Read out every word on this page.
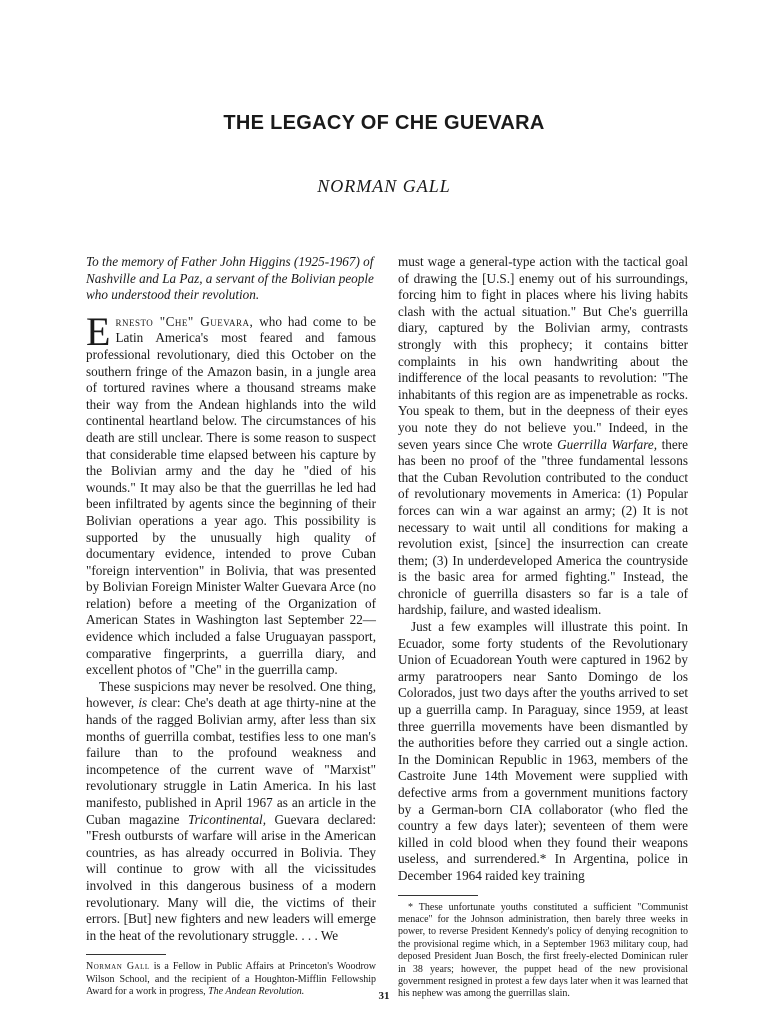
THE LEGACY OF CHE GUEVARA
NORMAN GALL

To the memory of Father John Higgins (1925-1967) of Nashville and La Paz, a servant of the Bolivian people who understood their revolution.

Ernesto "Che" Guevara, who had come to be Latin America's most feared and famous professional revolutionary, died this October on the southern fringe of the Amazon basin, in a jungle area of tortured ravines where a thousand streams make their way from the Andean highlands into the wild continental heartland below. The circumstances of his death are still unclear. There is some reason to suspect that considerable time elapsed between his capture by the Bolivian army and the day he "died of his wounds." It may also be that the guerrillas he led had been infiltrated by agents since the beginning of their Bolivian operations a year ago. This possibility is supported by the unusually high quality of documentary evidence, intended to prove Cuban "foreign intervention" in Bolivia, that was presented by Bolivian Foreign Minister Walter Guevara Arce (no relation) before a meeting of the Organization of American States in Washington last September 22—evidence which included a false Uruguayan passport, comparative fingerprints, a guerrilla diary, and excellent photos of "Che" in the guerrilla camp.

These suspicions may never be resolved. One thing, however, is clear: Che's death at age thirty-nine at the hands of the ragged Bolivian army, after less than six months of guerrilla combat, testifies less to one man's failure than to the profound weakness and incompetence of the current wave of "Marxist" revolutionary struggle in Latin America. In his last manifesto, published in April 1967 as an article in the Cuban magazine Tricontinental, Guevara declared: "Fresh outbursts of warfare will arise in the American countries, as has already occurred in Bolivia. They will continue to grow with all the vicissitudes involved in this dangerous business of a modern revolutionary. Many will die, the victims of their errors. [But] new fighters and new leaders will emerge in the heat of the revolutionary struggle. . . . We

Norman Gall is a Fellow in Public Affairs at Princeton's Woodrow Wilson School, and the recipient of a Houghton-Mifflin Fellowship Award for a work in progress, The Andean Revolution.

must wage a general-type action with the tactical goal of drawing the [U.S.] enemy out of his surroundings, forcing him to fight in places where his living habits clash with the actual situation." But Che's guerrilla diary, captured by the Bolivian army, contrasts strongly with this prophecy; it contains bitter complaints in his own handwriting about the indifference of the local peasants to revolution: "The inhabitants of this region are as impenetrable as rocks. You speak to them, but in the deepness of their eyes you note they do not believe you." Indeed, in the seven years since Che wrote Guerrilla Warfare, there has been no proof of the "three fundamental lessons that the Cuban Revolution contributed to the conduct of revolutionary movements in America: (1) Popular forces can win a war against an army; (2) It is not necessary to wait until all conditions for making a revolution exist, [since] the insurrection can create them; (3) In underdeveloped America the countryside is the basic area for armed fighting." Instead, the chronicle of guerrilla disasters so far is a tale of hardship, failure, and wasted idealism.

Just a few examples will illustrate this point. In Ecuador, some forty students of the Revolutionary Union of Ecuadorean Youth were captured in 1962 by army paratroopers near Santo Domingo de los Colorados, just two days after the youths arrived to set up a guerrilla camp. In Paraguay, since 1959, at least three guerrilla movements have been dismantled by the authorities before they carried out a single action. In the Dominican Republic in 1963, members of the Castroite June 14th Movement were supplied with defective arms from a government munitions factory by a German-born CIA collaborator (who fled the country a few days later); seventeen of them were killed in cold blood when they found their weapons useless, and surrendered.* In Argentina, police in December 1964 raided key training

* These unfortunate youths constituted a sufficient "Communist menace" for the Johnson administration, then barely three weeks in power, to reverse President Kennedy's policy of denying recognition to the provisional regime which, in a September 1963 military coup, had deposed President Juan Bosch, the first freely-elected Dominican ruler in 38 years; however, the puppet head of the new provisional government resigned in protest a few days later when it was learned that his nephew was among the guerrillas slain.

31
